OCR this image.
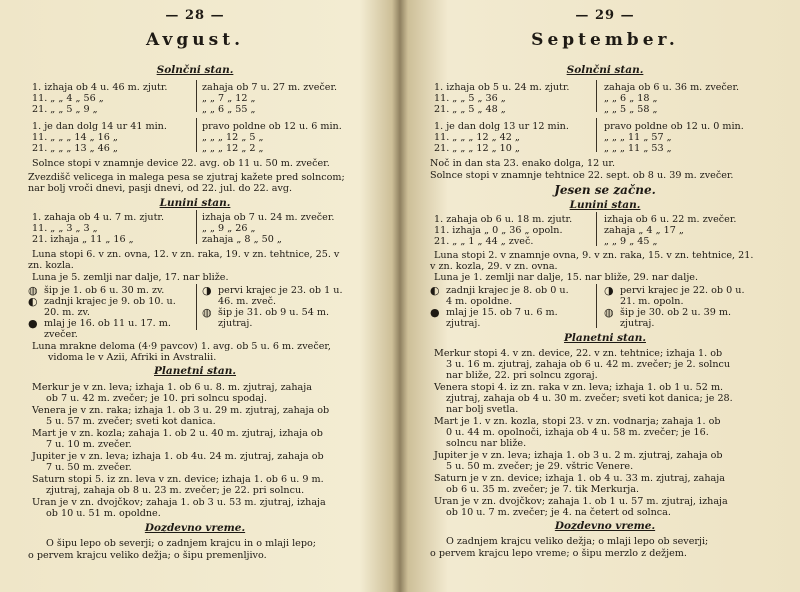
— 28 —
Avgust.
Solnčni stan.
1. izhaja ob 4 u. 46 m. zjutr.	zahaja ob 7 u. 27 m. zvečer.
11. „ „ 4 „ 56 „	„ „ 7 „ 12 „
21. „ „ 5 „ 9 „	„ „ 6 „ 55 „
1. je dan dolg 14 ur 41 min.	pravo poldne ob 12 u. 6 min.
11. „ „ „ 14 „ 16 „	„ „ „ 12 „ 5 „
21. „ „ „ 13 „ 46 „	„ „ „ 12 „ 2 „
Solnce stopi v znamnje device 22. avg. ob 11 u. 50 m. zvečer.
Zvezdišč velicega in malega pesa se zjutraj kažete pred solncom;
nar bolj vroči dnevi, pasji dnevi, od 22. jul. do 22. avg.
Lunini stan.
1. zahaja ob 4 u. 7 m. zjutr.	izhaja ob 7 u. 24 m. zvečer.
11. „ „ 3 „ 3 „	„ „ 9 „ 26 „
21. izhaja „ 11 „ 16 „	zahaja „ 8 „ 50 „
Luna stopi 6. v zn. ovna, 12. v zn. raka, 19. v zn. tehtnice, 25. v
zn. kozla.
Luna je 5. zemlji nar dalje, 17. nar bliže.
◍ šip je 1. ob 6 u. 30 m. zv.
◐ zadnji krajec je 9. ob 10. u.
20. m. zv.
● mlaj je 16. ob 11 u. 17. m.
zvečer.
◑ pervi krajec je 23. ob 1 u.
46. m. zveč.
◍ šip je 31. ob 9 u. 54 m.
zjutraj.
Luna mrakne deloma (4·9 pavcov) 1. avg. ob 5 u. 6 m. zvečer,
vidoma le v Azii, Afriki in Avstralii.
Planetni stan.
Merkur je v zn. leva; izhaja 1. ob 6 u. 8. m. zjutraj, zahaja
ob 7 u. 42 m. zvečer; je 10. pri solncu spodaj.
Venera je v zn. raka; izhaja 1. ob 3 u. 29 m. zjutraj, zahaja ob
5 u. 57 m. zvečer; sveti kot danica.
Mart je v zn. kozla; zahaja 1. ob 2 u. 40 m. zjutraj, izhaja ob
7 u. 10 m. zvečer.
Jupiter je v zn. leva; izhaja 1. ob 4u. 24 m. zjutraj, zahaja ob
7 u. 50 m. zvečer.
Saturn stopi 5. iz zn. leva v zn. device; izhaja 1. ob 6 u. 9 m.
zjutraj, zahaja ob 8 u. 23 m. zvečer; je 22. pri solncu.
Uran je v zn. dvojčkov; zahaja 1. ob 3 u. 53 m. zjutraj, izhaja
ob 10 u. 51 m. opoldne.
Dozdevno vreme.
O šipu lepo ob severji; o zadnjem krajcu in o mlaji lepo;
o pervem krajcu veliko dežja; o šipu premenljivo.
— 29 —
September.
Solnčni stan.
1. izhaja ob 5 u. 24 m. zjutr.	zahaja ob 6 u. 36 m. zvečer.
11. „ „ 5 „ 36 „	„ „ 6 „ 18 „
21. „ „ 5 „ 48 „	„ „ 5 „ 58 „
1. je dan dolg 13 ur 12 min.	pravo poldne ob 12 u. 0 min.
11. „ „ „ 12 „ 42 „	„ „ „ 11 „ 57 „
21. „ „ „ 12 „ 10 „	„ „ „ 11 „ 53 „
Noč in dan sta 23. enako dolga, 12 ur.
Solnce stopi v znamnje tehtnice 22. sept. ob 8 u. 39 m. zvečer.
Jesen se začne.
Lunini stan.
1. zahaja ob 6 u. 18 m. zjutr.	izhaja ob 6 u. 22 m. zvečer.
11. izhaja „ 0 „ 36 „ opoln.	zahaja „ 4 „ 17 „
21. „ „ 1 „ 44 „ zveč.	„ „ 9 „ 45 „
Luna stopi 2. v znamnje ovna, 9. v zn. raka, 15. v zn. tehtnice, 21.
v zn. kozla, 29. v zn. ovna.
Luna je 1. zemlji nar dalje, 15. nar bliže, 29. nar dalje.
◐ zadnji krajec je 8. ob 0 u.
4 m. opoldne.
● mlaj je 15. ob 7 u. 6 m.
zjutraj.
◑ pervi krajec je 22. ob 0 u.
21. m. opoln.
◍ šip je 30. ob 2 u. 39 m.
zjutraj.
Planetni stan.
Merkur stopi 4. v zn. device, 22. v zn. tehtnice; izhaja 1. ob
3 u. 16 m. zjutraj, zahaja ob 6 u. 42 m. zvečer; je 2. solncu
nar bliže, 22. pri solncu zgoraj.
Venera stopi 4. iz zn. raka v zn. leva; izhaja 1. ob 1 u. 52 m.
zjutraj, zahaja ob 4 u. 30 m. zvečer; sveti kot danica; je 28.
nar bolj svetla.
Mart je 1. v zn. kozla, stopi 23. v zn. vodnarja; zahaja 1. ob
0 u. 44 m. opolnoči, izhaja ob 4 u. 58 m. zvečer; je 16.
solncu nar bliže.
Jupiter je v zn. leva; izhaja 1. ob 3 u. 2 m. zjutraj, zahaja ob
5 u. 50 m. zvečer; je 29. vštric Venere.
Saturn je v zn. device; izhaja 1. ob 4 u. 33 m. zjutraj, zahaja
ob 6 u. 35 m. zvečer; je 7. tik Merkurja.
Uran je v zn. dvojčkov; zahaja 1. ob 1 u. 57 m. zjutraj, izhaja
ob 10 u. 7 m. zvečer; je 4. na četert od solnca.
Dozdevno vreme.
O zadnjem krajcu veliko dežja; o mlaji lepo ob severji;
o pervem krajcu lepo vreme; o šipu merzlo z dežjem.
